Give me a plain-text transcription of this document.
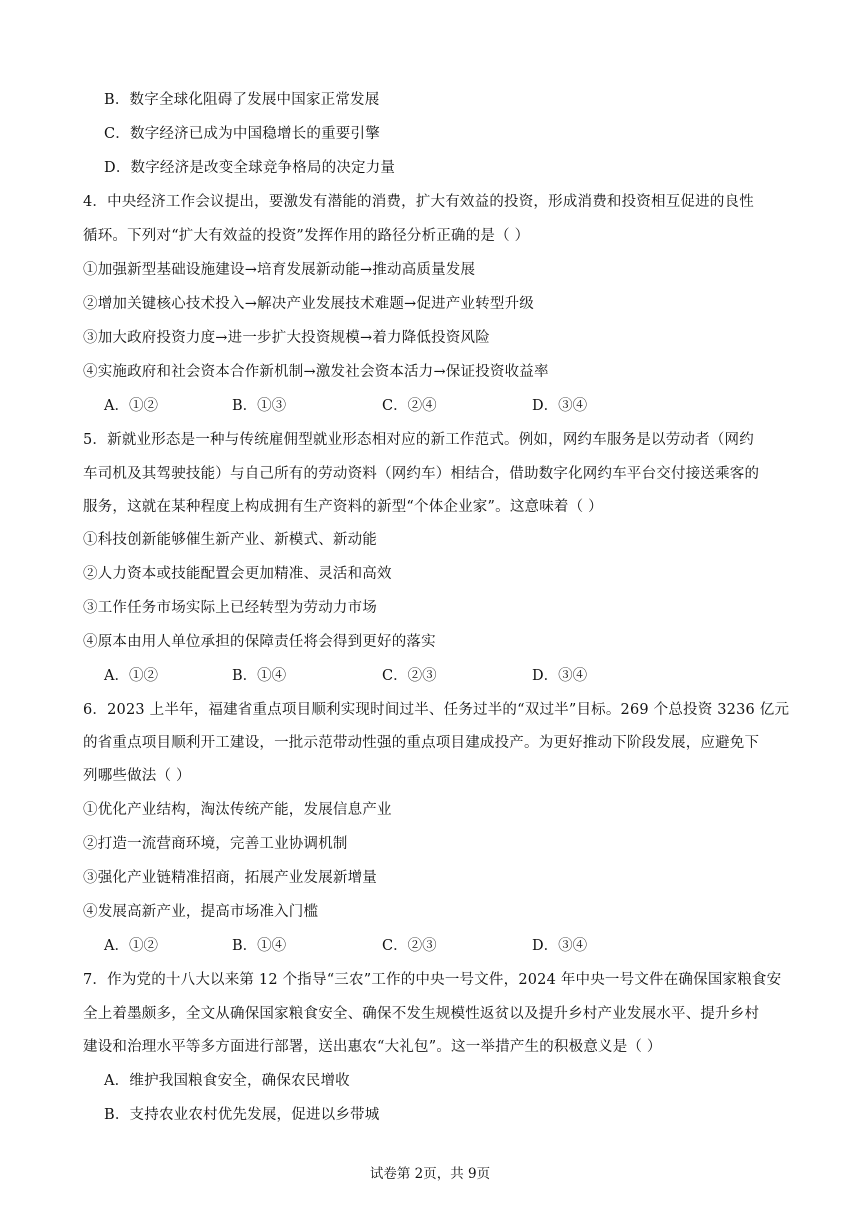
B．数字全球化阻碍了发展中国家正常发展
C．数字经济已成为中国稳增长的重要引擎
D．数字经济是改变全球竞争格局的决定力量
4．中央经济工作会议提出，要激发有潜能的消费，扩大有效益的投资，形成消费和投资相互促进的良性
循环。下列对“扩大有效益的投资”发挥作用的路径分析正确的是（ ）
①加强新型基础设施建设→培育发展新动能→推动高质量发展
②增加关键核心技术投入→解决产业发展技术难题→促进产业转型升级
③加大政府投资力度→进一步扩大投资规模→着力降低投资风险
④实施政府和社会资本合作新机制→激发社会资本活力→保证投资收益率
A．①②	B．①③	C．②④	D．③④
5．新就业形态是一种与传统雇佣型就业形态相对应的新工作范式。例如，网约车服务是以劳动者（网约
车司机及其驾驶技能）与自己所有的劳动资料（网约车）相结合，借助数字化网约车平台交付接送乘客的
服务，这就在某种程度上构成拥有生产资料的新型“个体企业家”。这意味着（ ）
①科技创新能够催生新产业、新模式、新动能
②人力资本或技能配置会更加精准、灵活和高效
③工作任务市场实际上已经转型为劳动力市场
④原本由用人单位承担的保障责任将会得到更好的落实
A．①②	B．①④	C．②③	D．③④
6．2023 上半年，福建省重点项目顺利实现时间过半、任务过半的“双过半”目标。269 个总投资 3236 亿元
的省重点项目顺利开工建设，一批示范带动性强的重点项目建成投产。为更好推动下阶段发展，应避免下
列哪些做法（ ）
①优化产业结构，淘汰传统产能，发展信息产业
②打造一流营商环境，完善工业协调机制
③强化产业链精准招商，拓展产业发展新增量
④发展高新产业，提高市场准入门槛
A．①②	B．①④	C．②③	D．③④
7．作为党的十八大以来第 12 个指导“三农”工作的中央一号文件，2024 年中央一号文件在确保国家粮食安
全上着墨颇多，全文从确保国家粮食安全、确保不发生规模性返贫以及提升乡村产业发展水平、提升乡村
建设和治理水平等多方面进行部署，送出惠农“大礼包”。这一举措产生的积极意义是（ ）
A．维护我国粮食安全，确保农民增收
B．支持农业农村优先发展，促进以乡带城
试卷第 2页，共 9页
